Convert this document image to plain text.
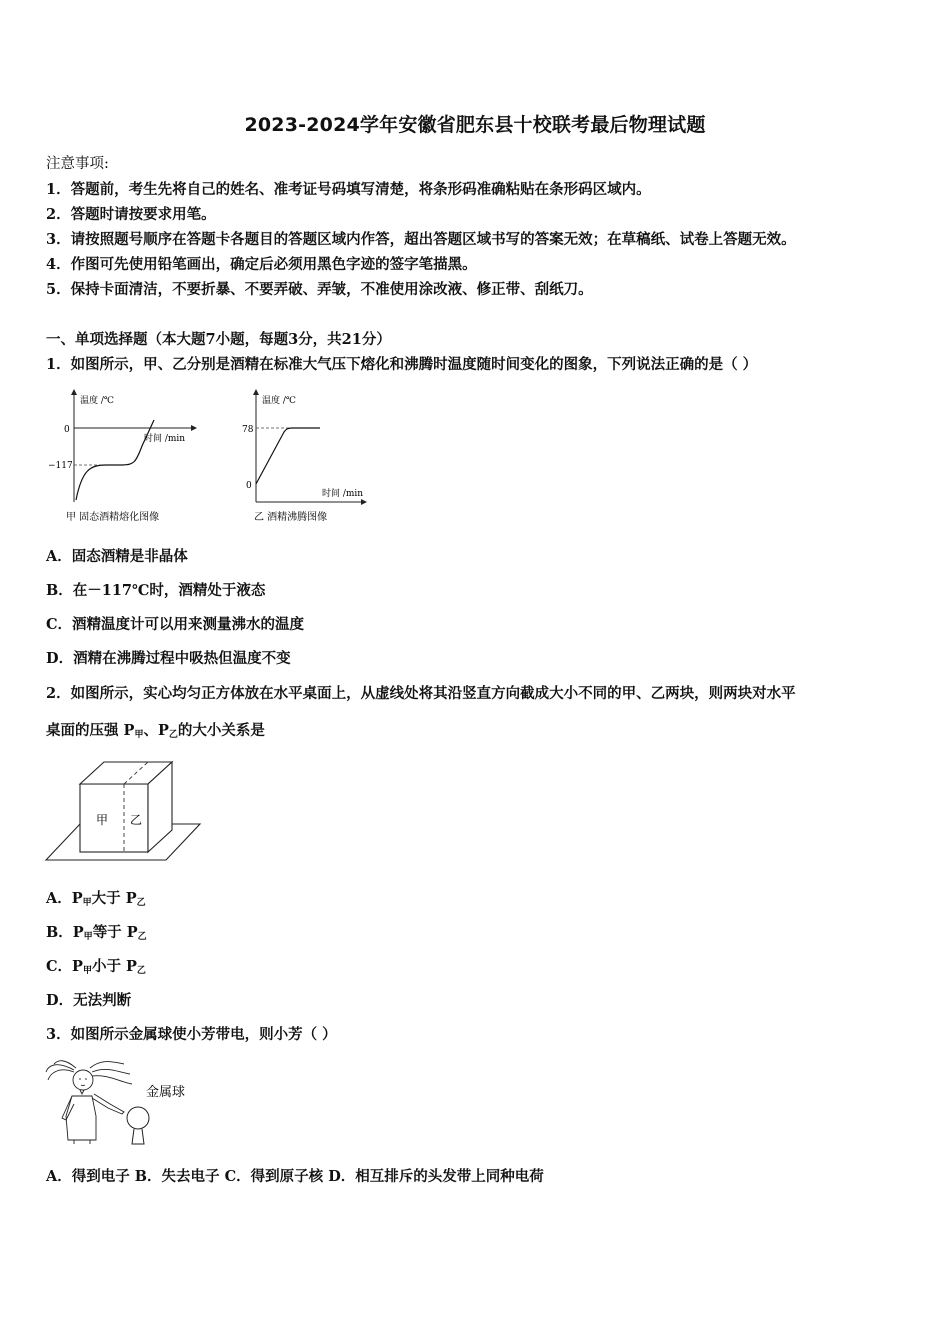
2023-2024学年安徽省肥东县十校联考最后物理试题
注意事项:
1．答题前，考生先将自己的姓名、准考证号码填写清楚，将条形码准确粘贴在条形码区域内。
2．答题时请按要求用笔。
3．请按照题号顺序在答题卡各题目的答题区域内作答，超出答题区域书写的答案无效；在草稿纸、试卷上答题无效。
4．作图可先使用铅笔画出，确定后必须用黑色字迹的签字笔描黑。
5．保持卡面清洁，不要折暴、不要弄破、弄皱，不准使用涂改液、修正带、刮纸刀。
一、单项选择题（本大题7小题，每题3分，共21分）
1．如图所示，甲、乙分别是酒精在标准大气压下熔化和沸腾时温度随时间变化的图象，下列说法正确的是（ ）
温度 /℃
时间 /min
0
−117
甲 固态酒精熔化图像
温度 /℃
时间 /min
0
78
乙 酒精沸腾图像
A．固态酒精是非晶体
B．在－117℃时，酒精处于液态
C．酒精温度计可以用来测量沸水的温度
D．酒精在沸腾过程中吸热但温度不变
2．如图所示，实心均匀正方体放在水平桌面上，从虚线处将其沿竖直方向截成大小不同的甲、乙两块，则两块对水平
桌面的压强 $P_甲$、$P_乙$的大小关系是
甲 乙
A．$P_甲$大于 $P_乙$
B．$P_甲$等于 $P_乙$
C．$P_甲$小于 $P_乙$
D．无法判断
3．如图所示金属球使小芳带电，则小芳（ ）
金属球
A．得到电子 B．失去电子 C．得到原子核 D．相互排斥的头发带上同种电荷
